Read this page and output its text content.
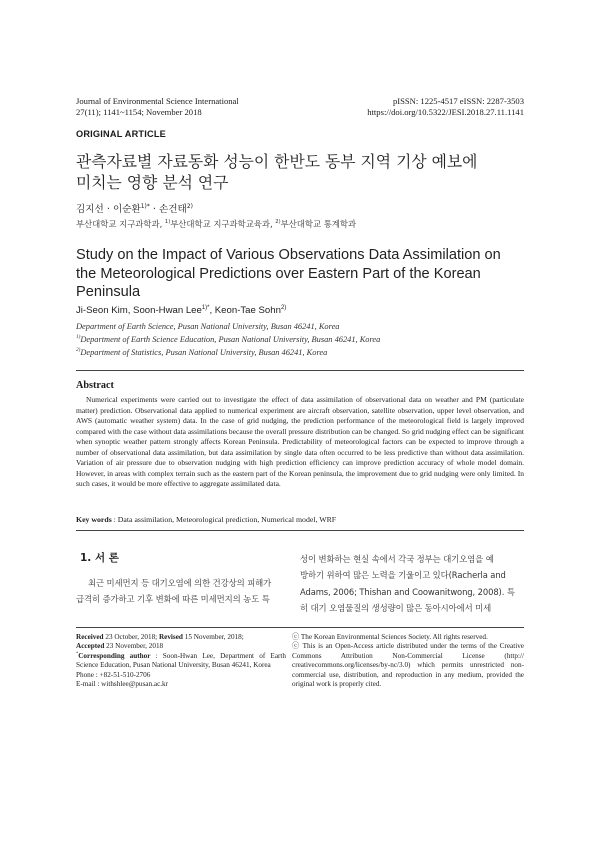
Journal of Environmental Science International
27(11); 1141~1154; November 2018
pISSN: 1225-4517 eISSN: 2287-3503
https://doi.org/10.5322/JESI.2018.27.11.1141
ORIGINAL ARTICLE
관측자료별 자료동화 성능이 한반도 동부 지역 기상 예보에
미치는 영향 분석 연구
김지선 · 이순환$^{1)*}$ · 손건태$^{2)}$
부산대학교 지구과학과, $^{1)}$부산대학교 지구과학교육과, $^{2)}$부산대학교 통계학과
Study on the Impact of Various Observations Data Assimilation on
the Meteorological Predictions over Eastern Part of the Korean
Peninsula
Ji-Seon Kim, Soon-Hwan Lee$^{1)*}$, Keon-Tae Sohn$^{2)}$
Department of Earth Science, Pusan National University, Busan 46241, Korea
$^{1)}$Department of Earth Science Education, Pusan National University, Busan 46241, Korea
$^{2)}$Department of Statistics, Pusan National University, Busan 46241, Korea
Abstract
Numerical experiments were carried out to investigate the effect of data assimilation of observational data on weather and PM (particulate matter) prediction. Observational data applied to numerical experiment are aircraft observation, satellite observation, upper level observation, and AWS (automatic weather system) data. In the case of grid nudging, the prediction performance of the meteorological field is largely improved compared with the case without data assimilations because the overall pressure distribution can be changed. So grid nudging effect can be significant when synoptic weather pattern strongly affects Korean Peninsula. Predictability of meteorological factors can be expected to improve through a number of observational data assimilation, but data assimilation by single data often occurred to be less predictive than without data assimilation. Variation of air pressure due to observation nudging with high prediction efficiency can improve prediction accuracy of whole model domain. However, in areas with complex terrain such as the eastern part of the Korean peninsula, the improvement due to grid nudging were only limited. In such cases, it would be more effective to aggregate assimilated data.
Key words : Data assimilation, Meteorological prediction, Numerical model, WRF
1. 서 론
최근 미세먼지 등 대기오염에 의한 건강상의 피해가
급격히 증가하고 기후 변화에 따른 미세먼지의 농도 특
성이 변화하는 현실 속에서 각국 정부는 대기오염을 예
방하기 위하여 많은 노력을 기울이고 있다(Racherla and
Adams, 2006; Thishan and Coowanitwong, 2008). 특
히 대기 오염물질의 생성량이 많은 동아시아에서 미세
Received 23 October, 2018; Revised 15 November, 2018;
Accepted 23 November, 2018
*Corresponding author : Soon-Hwan Lee, Department of Earth Science Education, Pusan National University, Busan 46241, Korea
Phone : +82-51-510-2706
E-mail : withshlee@pusan.ac.kr
ⓒ The Korean Environmental Sciences Society. All rights reserved.
ⓒ This is an Open-Access article distributed under the terms of the Creative Commons Attribution Non-Commercial License (http:// creativecommons.org/licenses/by-nc/3.0) which permits unrestricted non-commercial use, distribution, and reproduction in any medium, provided the original work is properly cited.
